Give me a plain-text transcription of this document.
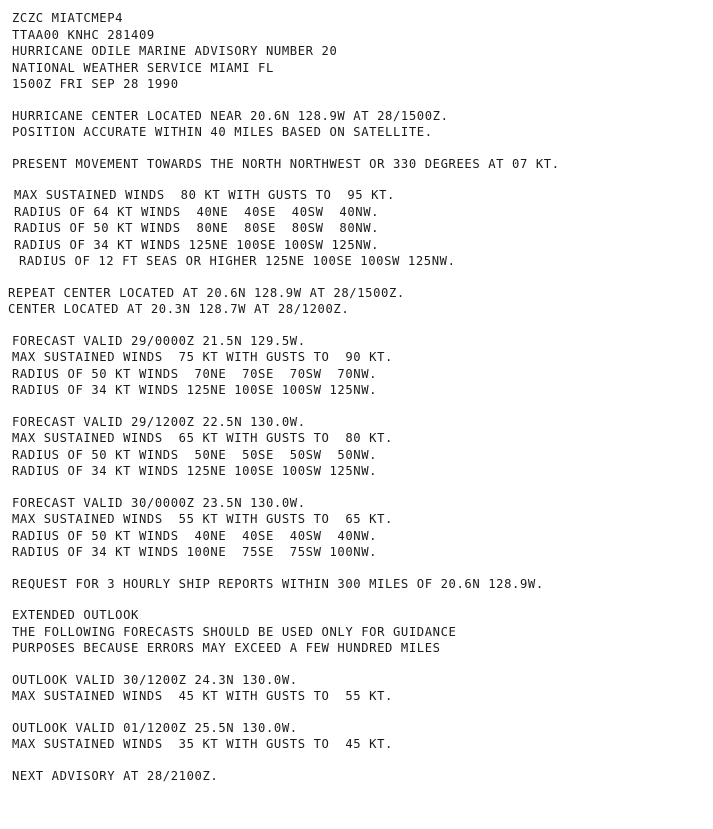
ZCZC MIATCMEP4
TTAA00 KNHC 281409
HURRICANE ODILE MARINE ADVISORY NUMBER 20
NATIONAL WEATHER SERVICE MIAMI FL
1500Z FRI SEP 28 1990
HURRICANE CENTER LOCATED NEAR 20.6N 128.9W AT 28/1500Z.
POSITION ACCURATE WITHIN 40 MILES BASED ON SATELLITE.
PRESENT MOVEMENT TOWARDS THE NORTH NORTHWEST OR 330 DEGREES AT 07 KT.
MAX SUSTAINED WINDS  80 KT WITH GUSTS TO  95 KT.
RADIUS OF 64 KT WINDS  40NE  40SE  40SW  40NW.
RADIUS OF 50 KT WINDS  80NE  80SE  80SW  80NW.
RADIUS OF 34 KT WINDS 125NE 100SE 100SW 125NW.
RADIUS OF 12 FT SEAS OR HIGHER 125NE 100SE 100SW 125NW.
REPEAT CENTER LOCATED AT 20.6N 128.9W AT 28/1500Z.
CENTER LOCATED AT 20.3N 128.7W AT 28/1200Z.
FORECAST VALID 29/0000Z 21.5N 129.5W.
MAX SUSTAINED WINDS  75 KT WITH GUSTS TO  90 KT.
RADIUS OF 50 KT WINDS  70NE  70SE  70SW  70NW.
RADIUS OF 34 KT WINDS 125NE 100SE 100SW 125NW.
FORECAST VALID 29/1200Z 22.5N 130.0W.
MAX SUSTAINED WINDS  65 KT WITH GUSTS TO  80 KT.
RADIUS OF 50 KT WINDS  50NE  50SE  50SW  50NW.
RADIUS OF 34 KT WINDS 125NE 100SE 100SW 125NW.
FORECAST VALID 30/0000Z 23.5N 130.0W.
MAX SUSTAINED WINDS  55 KT WITH GUSTS TO  65 KT.
RADIUS OF 50 KT WINDS  40NE  40SE  40SW  40NW.
RADIUS OF 34 KT WINDS 100NE  75SE  75SW 100NW.
REQUEST FOR 3 HOURLY SHIP REPORTS WITHIN 300 MILES OF 20.6N 128.9W.
EXTENDED OUTLOOK
THE FOLLOWING FORECASTS SHOULD BE USED ONLY FOR GUIDANCE
PURPOSES BECAUSE ERRORS MAY EXCEED A FEW HUNDRED MILES
OUTLOOK VALID 30/1200Z 24.3N 130.0W.
MAX SUSTAINED WINDS  45 KT WITH GUSTS TO  55 KT.
OUTLOOK VALID 01/1200Z 25.5N 130.0W.
MAX SUSTAINED WINDS  35 KT WITH GUSTS TO  45 KT.
NEXT ADVISORY AT 28/2100Z.
